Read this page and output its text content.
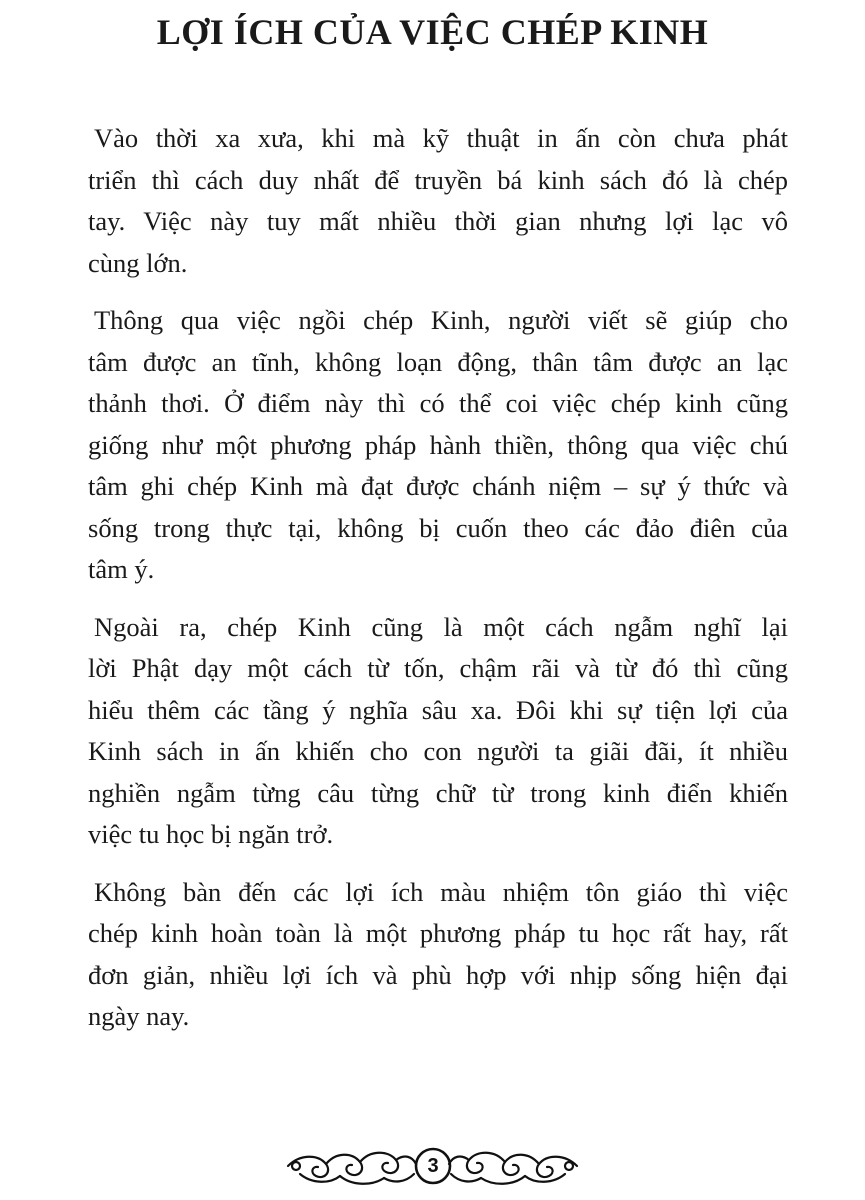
LỢI ÍCH CỦA VIỆC CHÉP KINH

Vào thời xa xưa, khi mà kỹ thuật in ấn còn chưa phát
triển thì cách duy nhất để truyền bá kinh sách đó là chép
tay. Việc này tuy mất nhiều thời gian nhưng lợi lạc vô
cùng lớn.

Thông qua việc ngồi chép Kinh, người viết sẽ giúp cho
tâm được an tĩnh, không loạn động, thân tâm được an lạc
thảnh thơi. Ở điểm này thì có thể coi việc chép kinh cũng
giống như một phương pháp hành thiền, thông qua việc chú
tâm ghi chép Kinh mà đạt được chánh niệm – sự ý thức và
sống trong thực tại, không bị cuốn theo các đảo điên của
tâm ý.

Ngoài ra, chép Kinh cũng là một cách ngẫm nghĩ lại
lời Phật dạy một cách từ tốn, chậm rãi và từ đó thì cũng
hiểu thêm các tầng ý nghĩa sâu xa. Đôi khi sự tiện lợi của
Kinh sách in ấn khiến cho con người ta giãi đãi, ít nhiều
nghiền ngẫm từng câu từng chữ từ trong kinh điển khiến
việc tu học bị ngăn trở.

Không bàn đến các lợi ích màu nhiệm tôn giáo thì việc
chép kinh hoàn toàn là một phương pháp tu học rất hay, rất
đơn giản, nhiều lợi ích và phù hợp với nhịp sống hiện đại
ngày nay.

3
